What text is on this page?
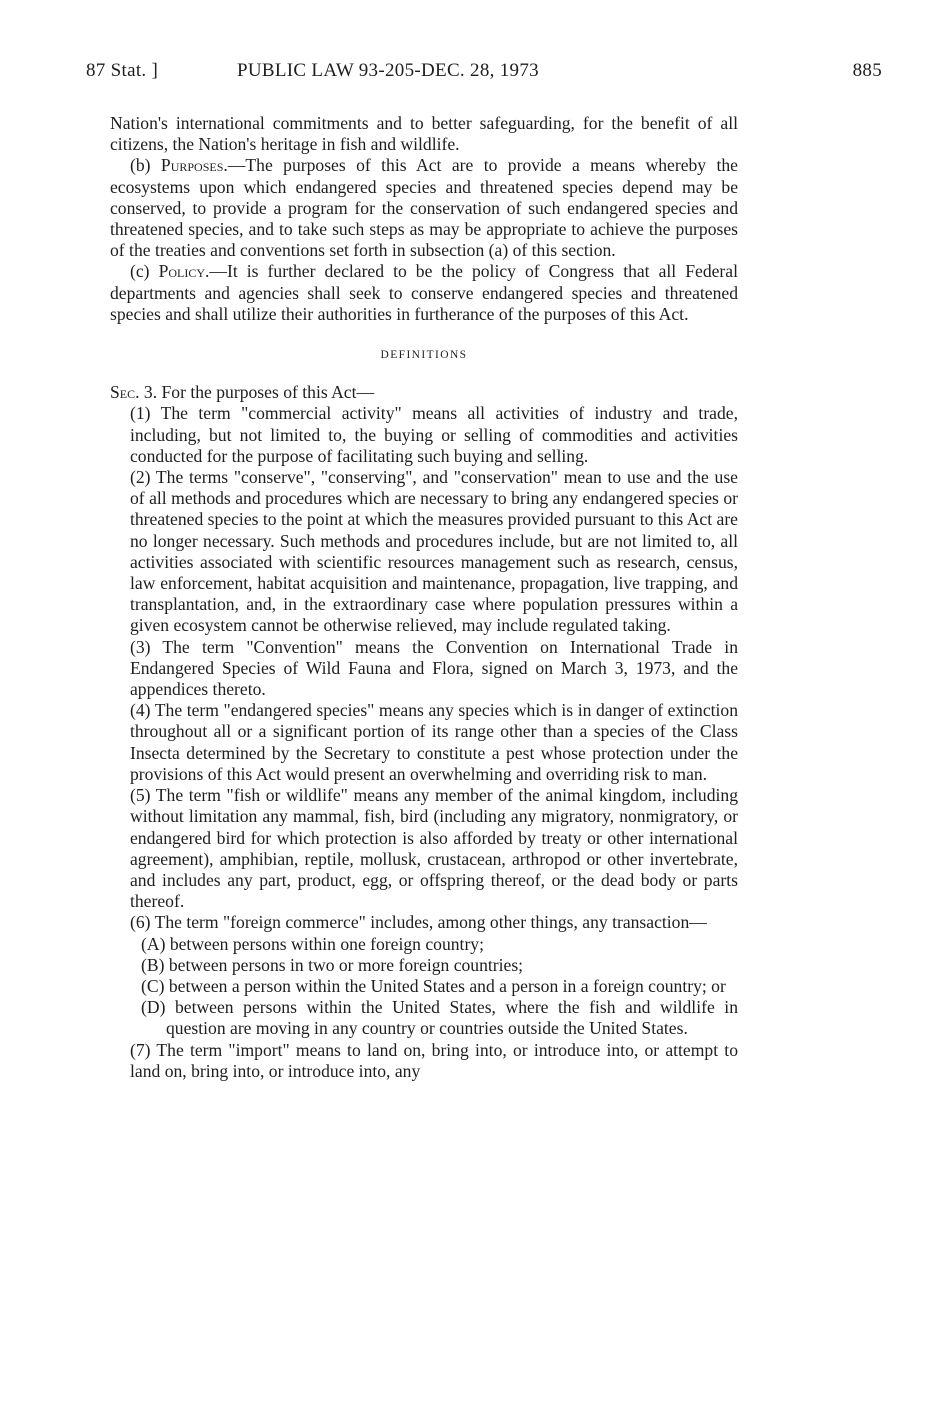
87 Stat. ]	PUBLIC LAW 93-205-DEC. 28, 1973	885

Nation's international commitments and to better safeguarding, for the benefit of all citizens, the Nation's heritage in fish and wildlife.

(b) Purposes.—The purposes of this Act are to provide a means whereby the ecosystems upon which endangered species and threatened species depend may be conserved, to provide a program for the conservation of such endangered species and threatened species, and to take such steps as may be appropriate to achieve the purposes of the treaties and conventions set forth in subsection (a) of this section.

(c) Policy.—It is further declared to be the policy of Congress that all Federal departments and agencies shall seek to conserve endangered species and threatened species and shall utilize their authorities in furtherance of the purposes of this Act.

DEFINITIONS

Sec. 3. For the purposes of this Act—

(1) The term "commercial activity" means all activities of industry and trade, including, but not limited to, the buying or selling of commodities and activities conducted for the purpose of facilitating such buying and selling.

(2) The terms "conserve", "conserving", and "conservation" mean to use and the use of all methods and procedures which are necessary to bring any endangered species or threatened species to the point at which the measures provided pursuant to this Act are no longer necessary. Such methods and procedures include, but are not limited to, all activities associated with scientific resources management such as research, census, law enforcement, habitat acquisition and maintenance, propagation, live trapping, and transplantation, and, in the extraordinary case where population pressures within a given ecosystem cannot be otherwise relieved, may include regulated taking.

(3) The term "Convention" means the Convention on International Trade in Endangered Species of Wild Fauna and Flora, signed on March 3, 1973, and the appendices thereto.

(4) The term "endangered species" means any species which is in danger of extinction throughout all or a significant portion of its range other than a species of the Class Insecta determined by the Secretary to constitute a pest whose protection under the provisions of this Act would present an overwhelming and overriding risk to man.

(5) The term "fish or wildlife" means any member of the animal kingdom, including without limitation any mammal, fish, bird (including any migratory, nonmigratory, or endangered bird for which protection is also afforded by treaty or other international agreement), amphibian, reptile, mollusk, crustacean, arthropod or other invertebrate, and includes any part, product, egg, or offspring thereof, or the dead body or parts thereof.

(6) The term "foreign commerce" includes, among other things, any transaction—

(A) between persons within one foreign country;

(B) between persons in two or more foreign countries;

(C) between a person within the United States and a person in a foreign country; or

(D) between persons within the United States, where the fish and wildlife in question are moving in any country or countries outside the United States.

(7) The term "import" means to land on, bring into, or introduce into, or attempt to land on, bring into, or introduce into, any
